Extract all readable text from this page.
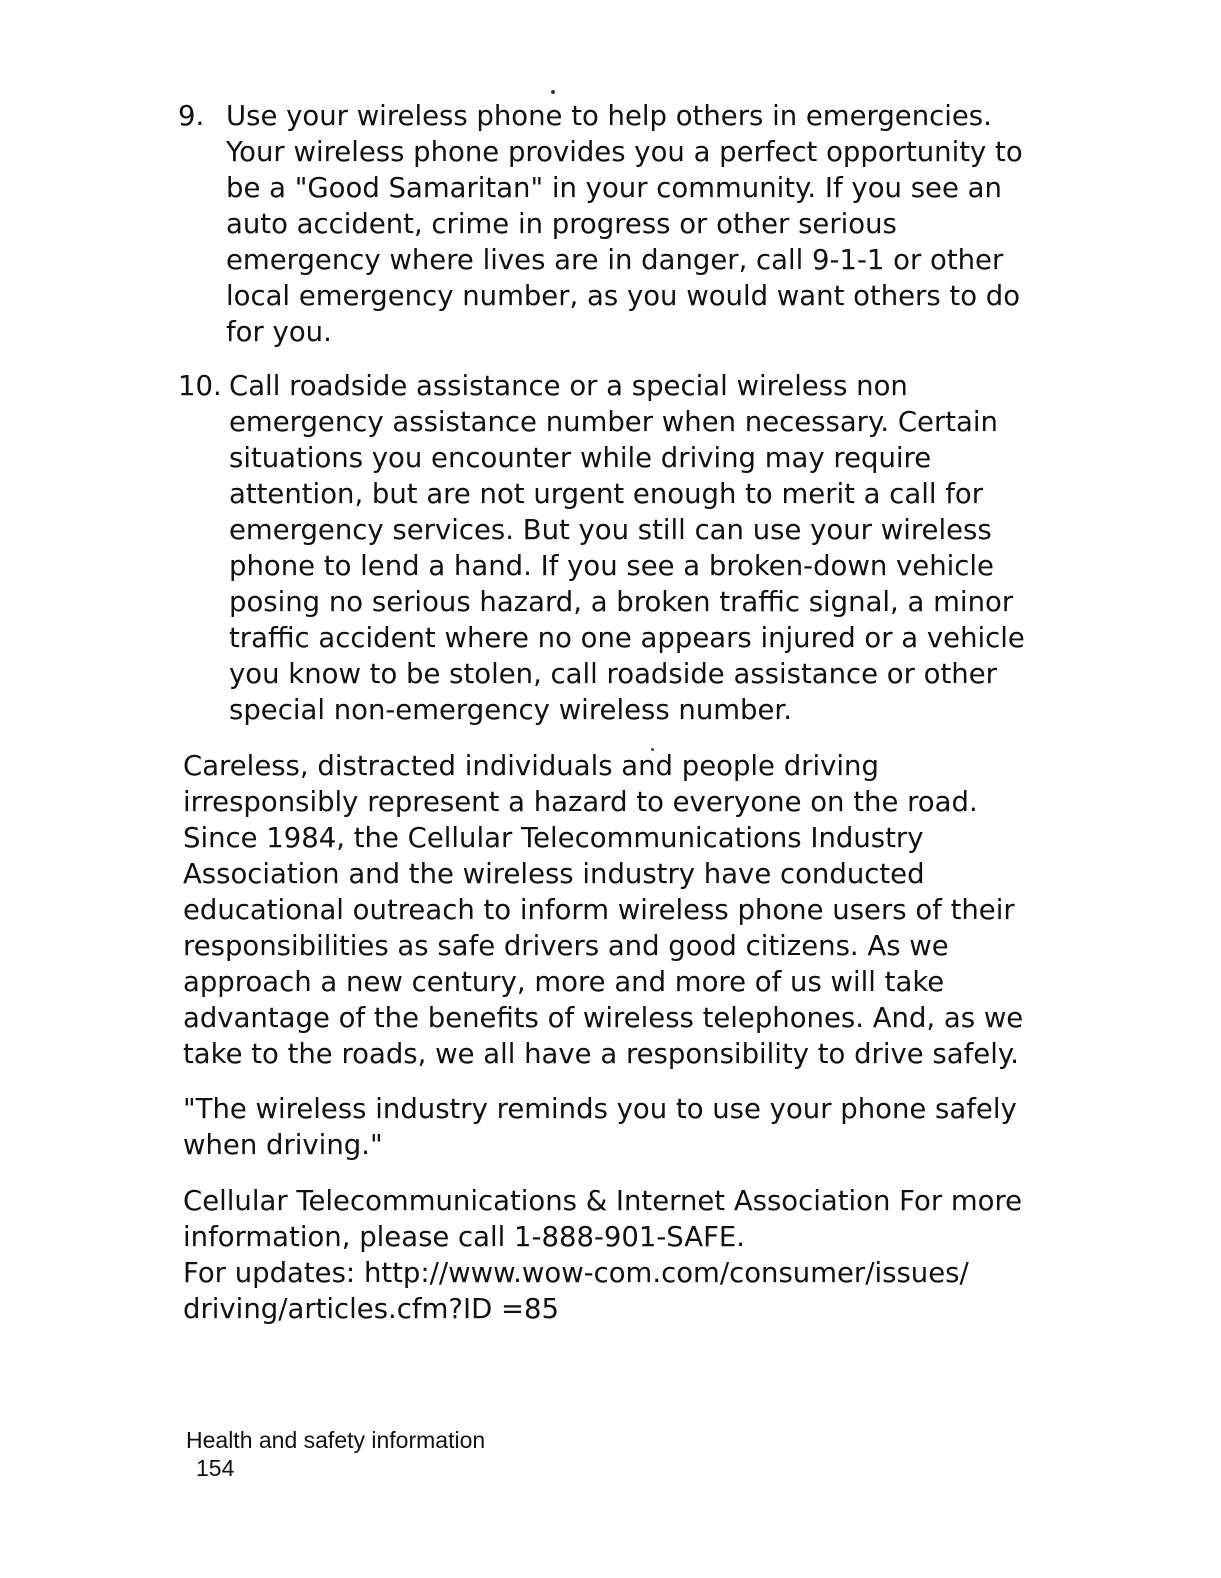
9. Use your wireless phone to help others in emergencies.
Your wireless phone provides you a perfect opportunity to
be a "Good Samaritan" in your community. If you see an
auto accident, crime in progress or other serious
emergency where lives are in danger, call 9-1-1 or other
local emergency number, as you would want others to do
for you.

10. Call roadside assistance or a special wireless non
emergency assistance number when necessary. Certain
situations you encounter while driving may require
attention, but are not urgent enough to merit a call for
emergency services. But you still can use your wireless
phone to lend a hand. If you see a broken-down vehicle
posing no serious hazard, a broken traffic signal, a minor
traffic accident where no one appears injured or a vehicle
you know to be stolen, call roadside assistance or other
special non-emergency wireless number.

Careless, distracted individuals and people driving
irresponsibly represent a hazard to everyone on the road.
Since 1984, the Cellular Telecommunications Industry
Association and the wireless industry have conducted
educational outreach to inform wireless phone users of their
responsibilities as safe drivers and good citizens. As we
approach a new century, more and more of us will take
advantage of the benefits of wireless telephones. And, as we
take to the roads, we all have a responsibility to drive safely.

"The wireless industry reminds you to use your phone safely
when driving."

Cellular Telecommunications & Internet Association For more
information, please call 1-888-901-SAFE.
For updates: http://www.wow-com.com/consumer/issues/
driving/articles.cfm?ID =85

Health and safety information
154
